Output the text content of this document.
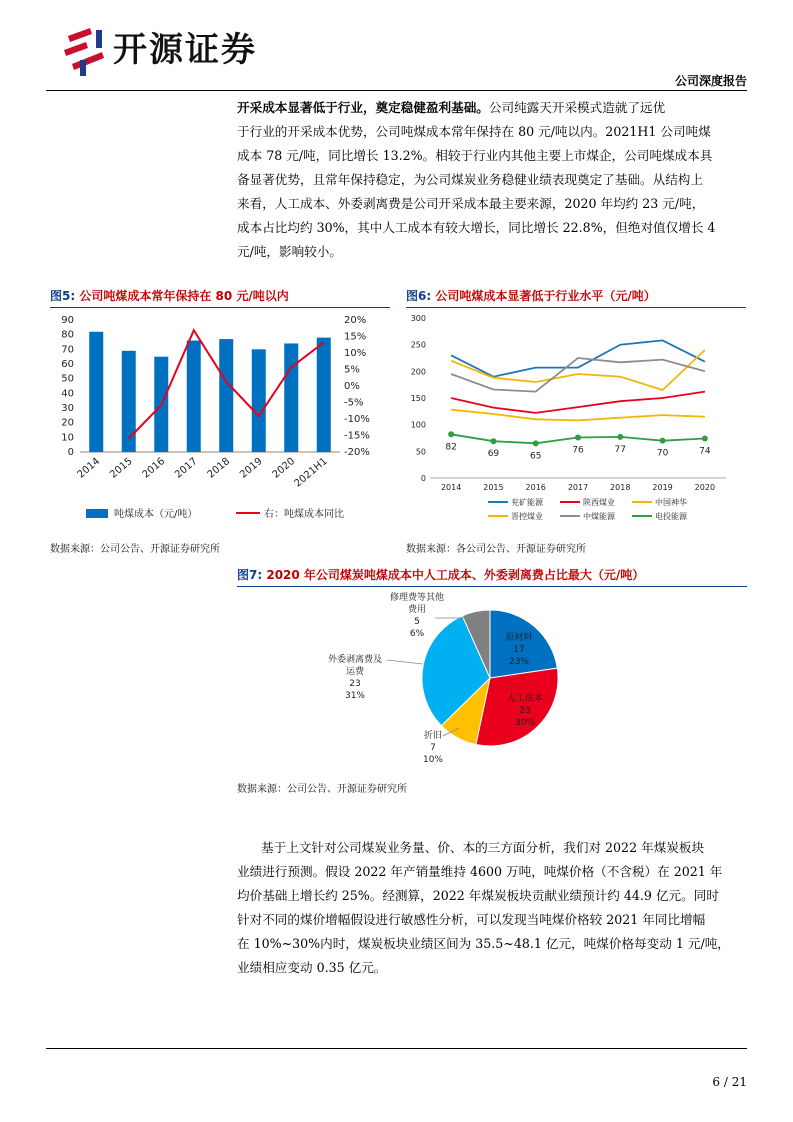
开源证券
公司深度报告
开采成本显著低于行业，奠定稳健盈利基础。公司纯露天开采模式造就了远优
于行业的开采成本优势，公司吨煤成本常年保持在 80 元/吨以内。2021H1 公司吨煤
成本 78 元/吨，同比增长 13.2%。相较于行业内其他主要上市煤企，公司吨煤成本具
备显著优势，且常年保持稳定，为公司煤炭业务稳健业绩表现奠定了基础。从结构上
来看，人工成本、外委剥离费是公司开采成本最主要来源，2020 年均约 23 元/吨，
成本占比均约 30%，其中人工成本有较大增长，同比增长 22.8%，但绝对值仅增长 4
元/吨，影响较小。
图5: 公司吨煤成本常年保持在 80 元/吨以内	图6: 公司吨煤成本显著低于行业水平（元/吨）
0
10
20
30
40
50
60
70
80
90
-20%
-15%
-10%
-5%
0%
5%
10%
15%
20%
2014 2015 2016 2017 2018 2019 2020
2021H1
吨煤成本（元/吨）	右：吨煤成本同比
数据来源：公司公告、开源证券研究所
0
50
100
150
200
250
300
2014	2015	2016	2017	2018	2019	2020
82
69	65
76	77	70	74
兖矿能源	陕西煤业	中国神华
晋控煤业	中煤能源	电投能源
数据来源：各公司公告、开源证券研究所
图7: 2020 年公司煤炭吨煤成本中人工成本、外委剥离费占比最大（元/吨）
原材料
17
23%
人工成本
23
30%
折旧
7
10%
外委剥离费及
运费
23
31%
修理费等其他
费用
5
6%
数据来源：公司公告、开源证券研究所
基于上文针对公司煤炭业务量、价、本的三方面分析，我们对 2022 年煤炭板块
业绩进行预测。假设 2022 年产销量维持 4600 万吨，吨煤价格（不含税）在 2021 年
均价基础上增长约 25%。经测算，2022 年煤炭板块贡献业绩预计约 44.9 亿元。同时
针对不同的煤价增幅假设进行敏感性分析，可以发现当吨煤价格较 2021 年同比增幅
在 10%~30%内时，煤炭板块业绩区间为 35.5~48.1 亿元，吨煤价格每变动 1 元/吨，
业绩相应变动 0.35 亿元。
6 / 21
